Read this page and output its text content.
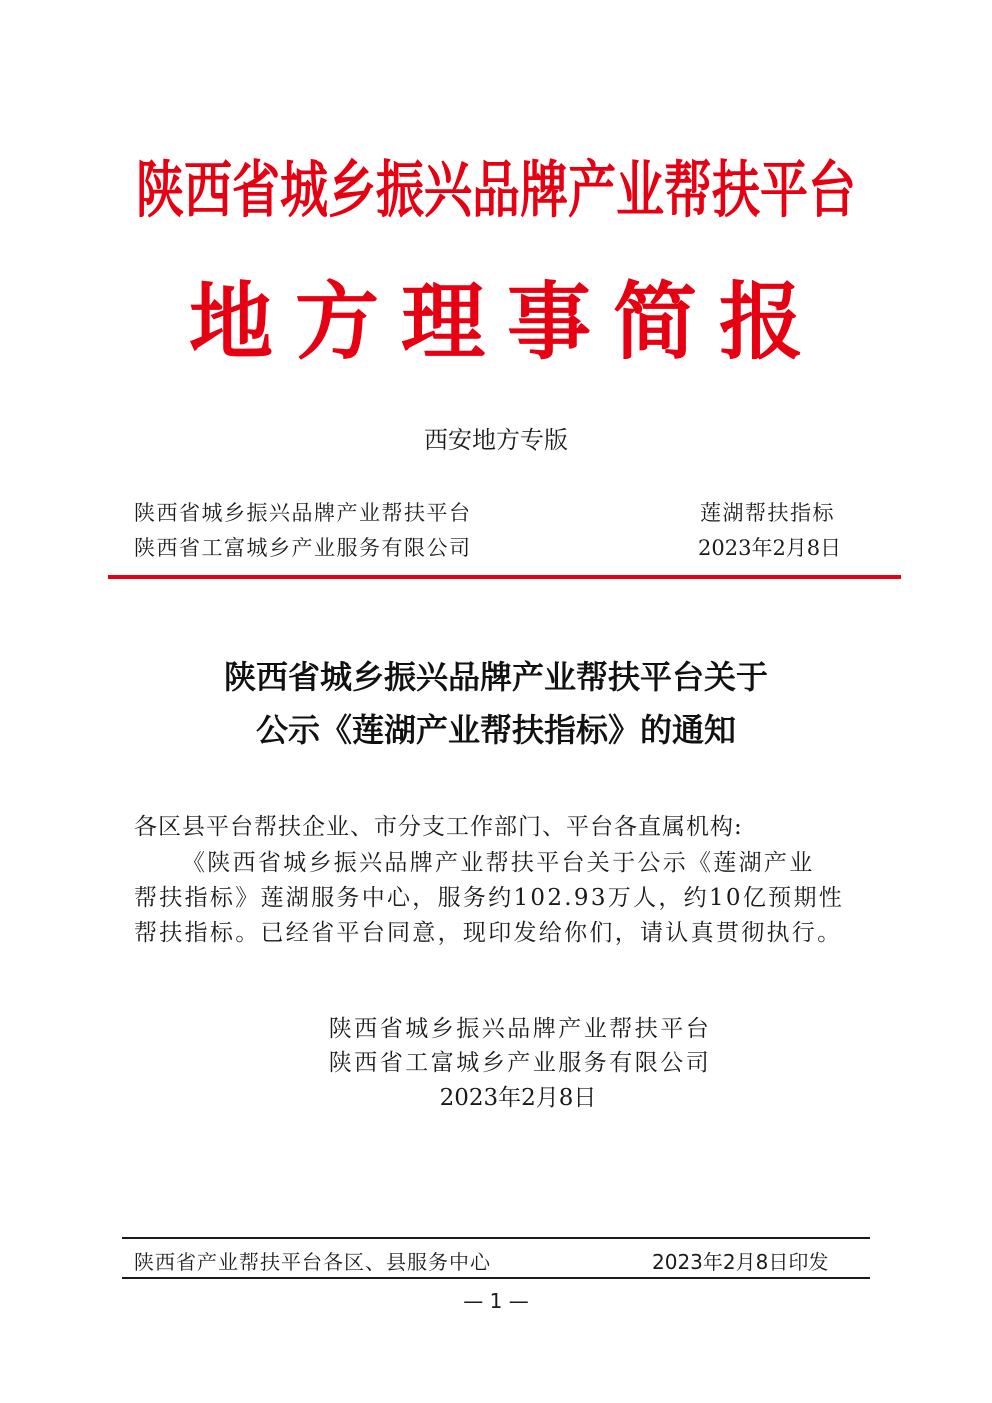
陕西省城乡振兴品牌产业帮扶平台
地方理事简报
西安地方专版
陕西省城乡振兴品牌产业帮扶平台
陕西省工富城乡产业服务有限公司
莲湖帮扶指标
2023年2月8日
陕西省城乡振兴品牌产业帮扶平台关于
公示《莲湖产业帮扶指标》的通知
各区县平台帮扶企业、市分支工作部门、平台各直属机构:
《陕西省城乡振兴品牌产业帮扶平台关于公示《莲湖产业
帮扶指标》莲湖服务中心，服务约102.93万人，约10亿预期性
帮扶指标。已经省平台同意，现印发给你们，请认真贯彻执行。
陕西省城乡振兴品牌产业帮扶平台
陕西省工富城乡产业服务有限公司
2023年2月8日
陕西省产业帮扶平台各区、县服务中心	2023年2月8日印发
— 1 —
